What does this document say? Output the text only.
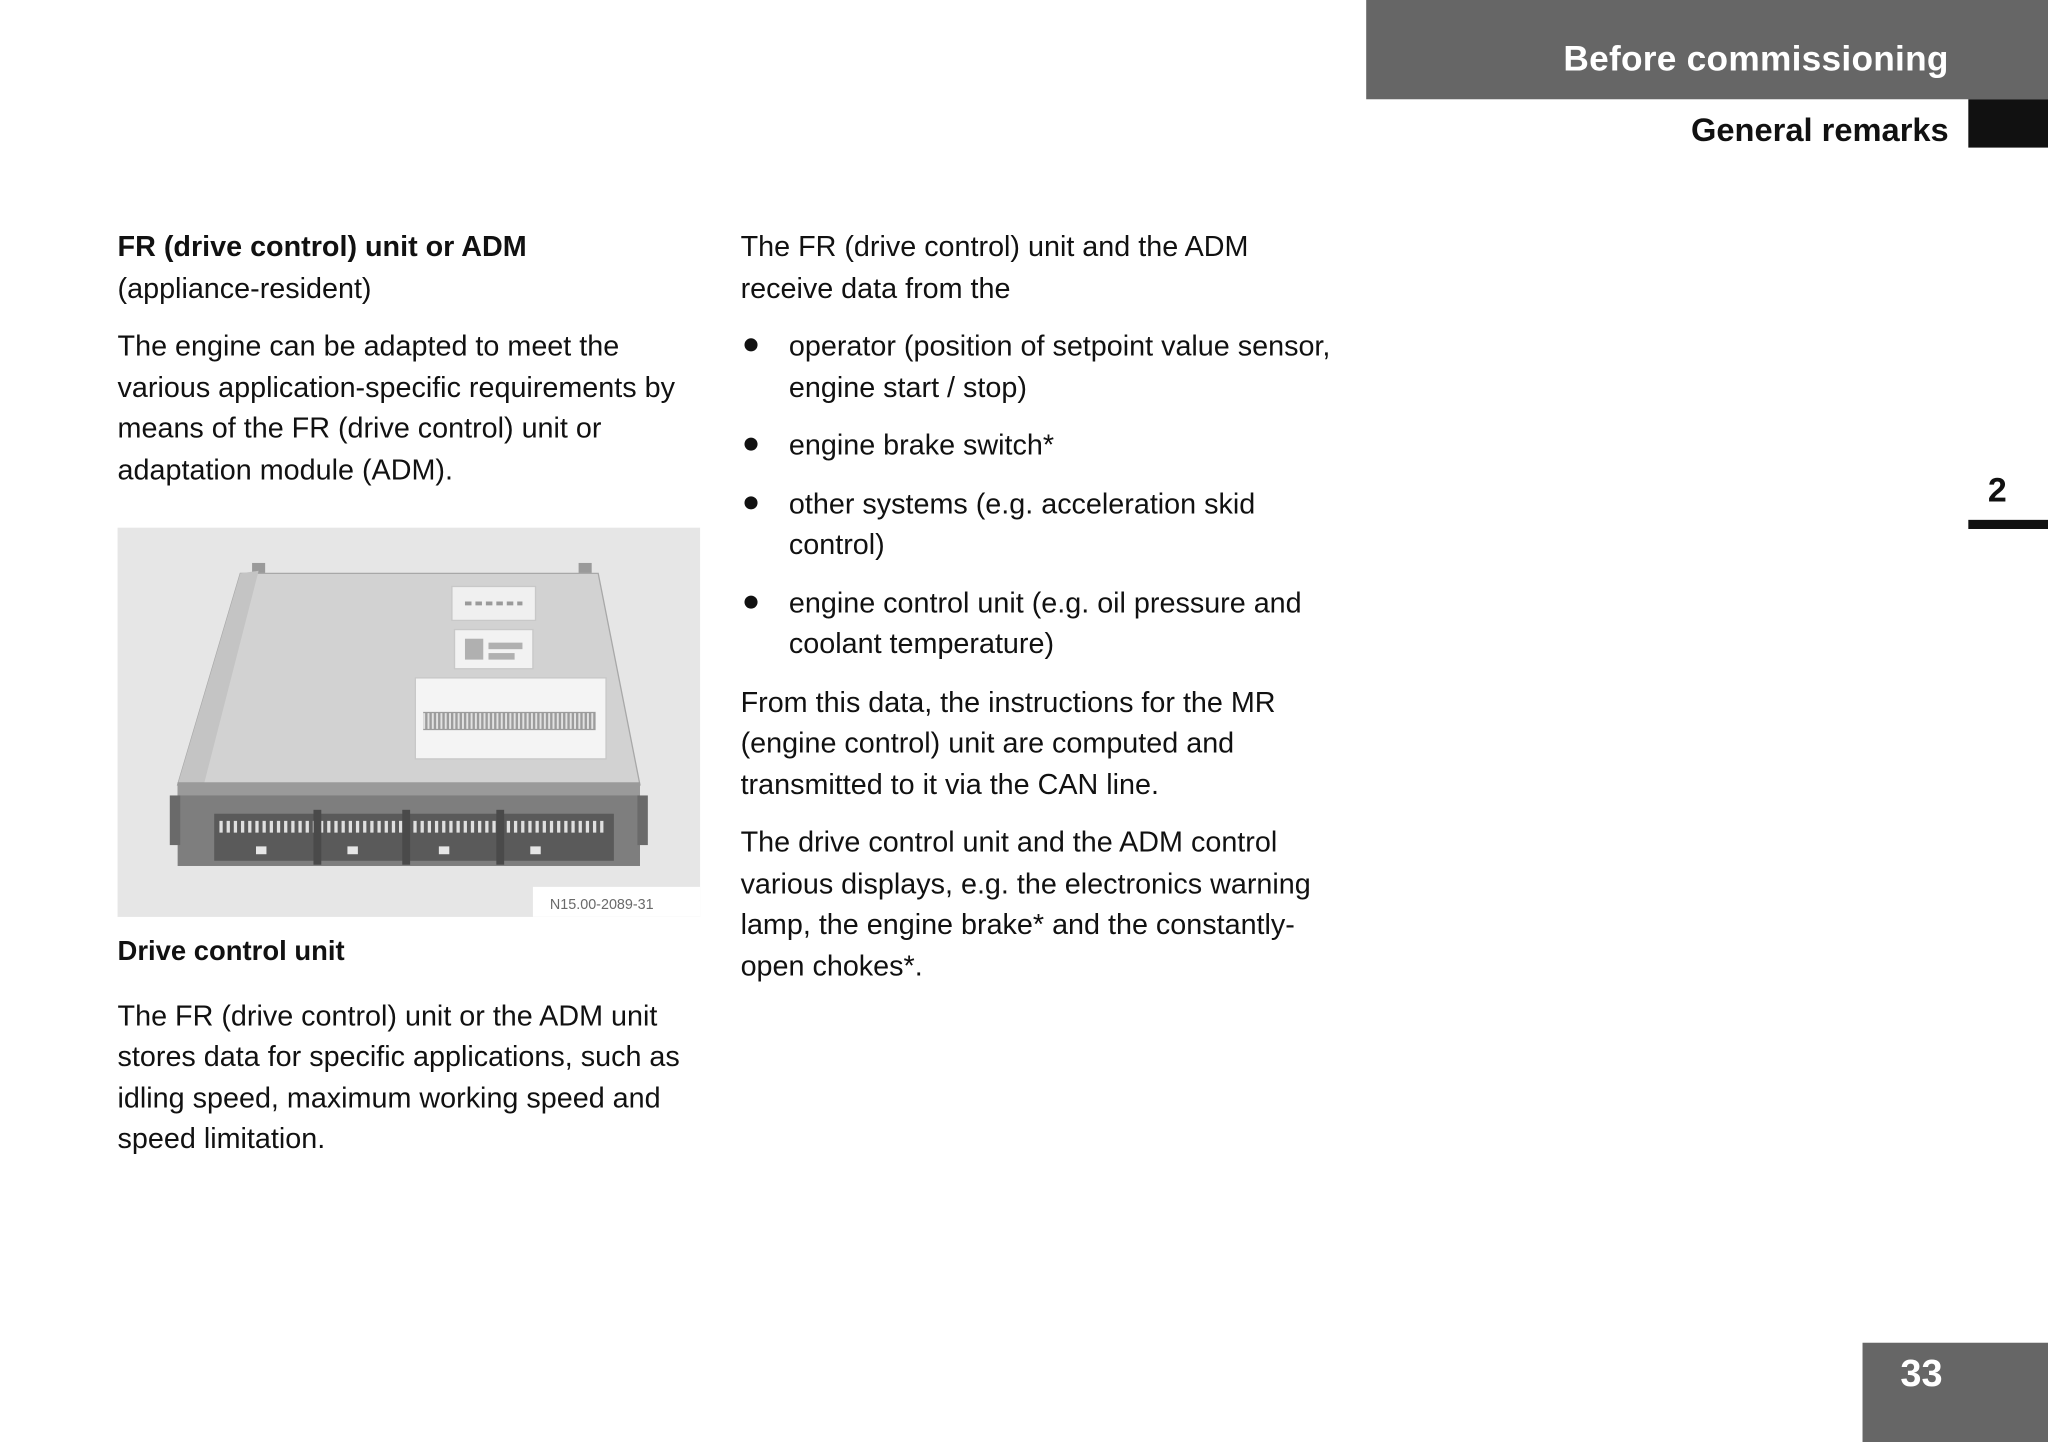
Before commissioning
General remarks
2

FR (drive control) unit or ADM
(appliance-resident)

The engine can be adapted to meet the various application-specific requirements by means of the FR (drive control) unit or adaptation module (ADM).

N15.00-2089-31

Drive control unit

The FR (drive control) unit or the ADM unit stores data for specific applications, such as idling speed, maximum working speed and speed limitation.

The FR (drive control) unit and the ADM receive data from the

operator (position of setpoint value sensor, engine start / stop)
engine brake switch*
other systems (e.g. acceleration skid control)
engine control unit (e.g. oil pressure and coolant temperature)

From this data, the instructions for the MR (engine control) unit are computed and transmitted to it via the CAN line.

The drive control unit and the ADM control various displays, e.g. the electronics warning lamp, the engine brake* and the constantly-open chokes*.

33
